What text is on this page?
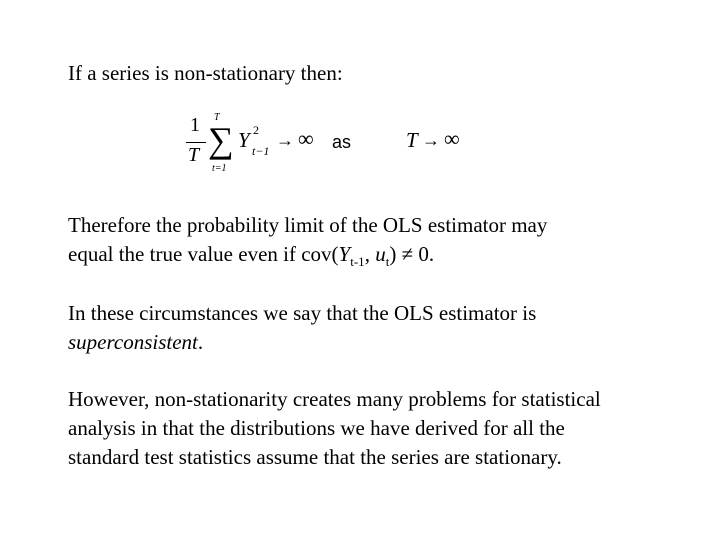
If a series is non-stationary then:

1
T
T
∑
t=1
Y 2
t−1
→ ∞ as	T → ∞

Therefore the probability limit of the OLS estimator may
equal the true value even if $cov(Y_{t-1}$, $u_t) \ne 0$.

In these circumstances we say that the OLS estimator is
superconsistent.

However, non-stationarity creates many problems for statistical
analysis in that the distributions we have derived for all the
standard test statistics assume that the series are stationary.
